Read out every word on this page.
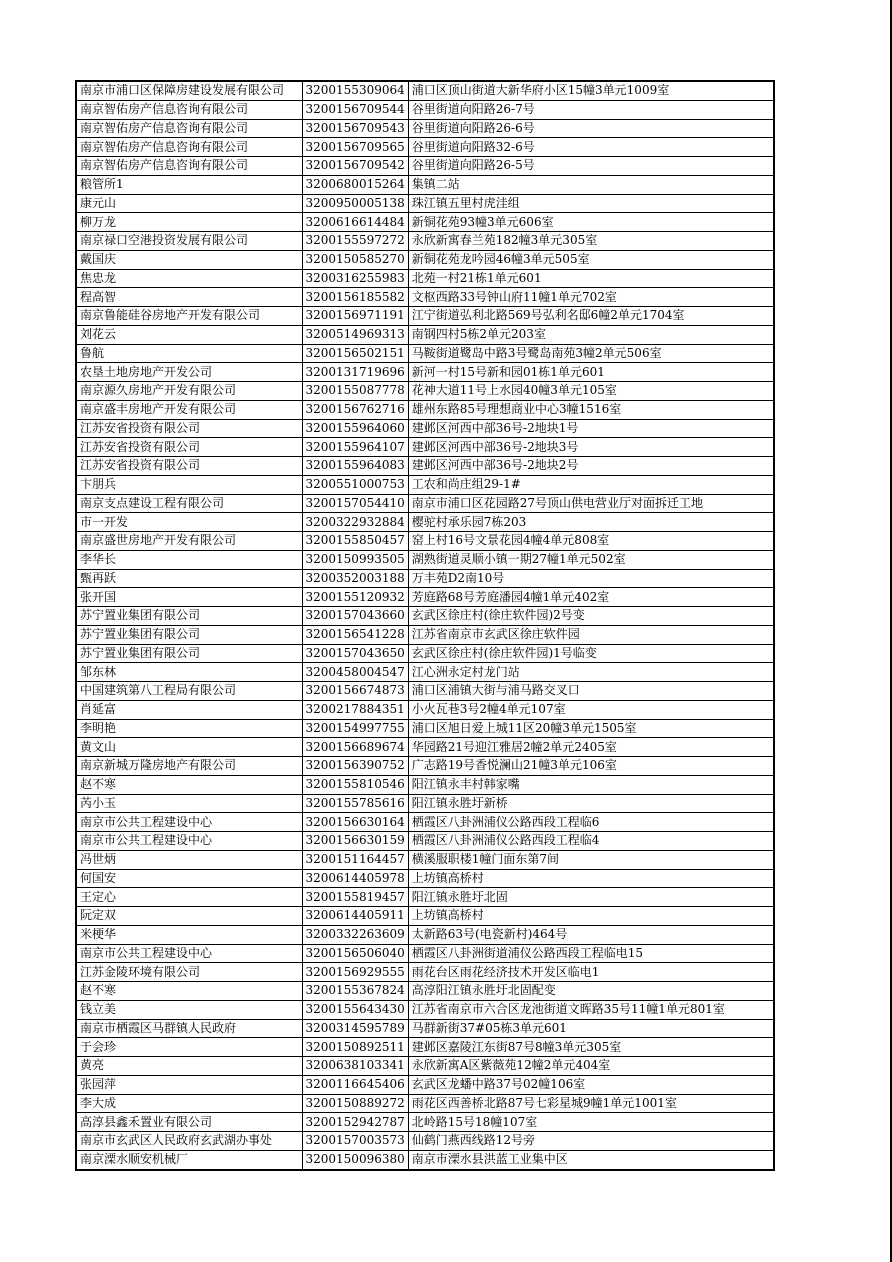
南京市浦口区保障房建设发展有限公司	3200155309064	浦口区顶山街道大新华府小区15幢3单元1009室
南京智佑房产信息咨询有限公司	3200156709544	谷里街道向阳路26-7号
南京智佑房产信息咨询有限公司	3200156709543	谷里街道向阳路26-6号
南京智佑房产信息咨询有限公司	3200156709565	谷里街道向阳路32-6号
南京智佑房产信息咨询有限公司	3200156709542	谷里街道向阳路26-5号
粮管所1	3200680015264	集镇二站
康元山	3200950005138	珠江镇五里村虎洼组
柳万龙	3200616614484	新铜花苑93幢3单元606室
南京禄口空港投资发展有限公司	3200155597272	永欣新寓春兰苑182幢3单元305室
戴国庆	3200150585270	新铜花苑龙吟园46幢3单元505室
焦忠龙	3200316255983	北苑一村21栋1单元601
程高智	3200156185582	文枢西路33号钟山府11幢1单元702室
南京鲁能硅谷房地产开发有限公司	3200156971191	江宁街道弘利北路569号弘利名邸6幢2单元1704室
刘花云	3200514969313	南钢四村5栋2单元203室
鲁航	3200156502151	马鞍街道鹭岛中路3号鹭岛南苑3幢2单元506室
农垦土地房地产开发公司	3200131719696	新河一村15号新和园01栋1单元601
南京源久房地产开发有限公司	3200155087778	花神大道11号上水园40幢3单元105室
南京盛丰房地产开发有限公司	3200156762716	雄州东路85号理想商业中心3幢1516室
江苏安省投资有限公司	3200155964060	建邺区河西中部36号-2地块1号
江苏安省投资有限公司	3200155964107	建邺区河西中部36号-2地块3号
江苏安省投资有限公司	3200155964083	建邺区河西中部36号-2地块2号
卞朋兵	3200551000753	工农和尚庄组29-1#
南京支点建设工程有限公司	3200157054410	南京市浦口区花园路27号顶山供电营业厅对面拆迁工地
市一开发	3200322932884	樱驼村承乐园7栋203
南京盛世房地产开发有限公司	3200155850457	窑上村16号文景花园4幢4单元808室
李华长	3200150993505	湖熟街道灵顺小镇一期27幢1单元502室
甄再跃	3200352003188	万丰苑D2南10号
张开国	3200155120932	芳庭路68号芳庭潘园4幢1单元402室
苏宁置业集团有限公司	3200157043660	玄武区徐庄村(徐庄软件园)2号变
苏宁置业集团有限公司	3200156541228	江苏省南京市玄武区徐庄软件园
苏宁置业集团有限公司	3200157043650	玄武区徐庄村(徐庄软件园)1号临变
邹东林	3200458004547	江心洲永定村龙门站
中国建筑第八工程局有限公司	3200156674873	浦口区浦镇大街与浦马路交叉口
肖延富	3200217884351	小火瓦巷3号2幢4单元107室
李明艳	3200154997755	浦口区旭日爱上城11区20幢3单元1505室
黄文山	3200156689674	华园路21号迎江雅居2幢2单元2405室
南京新城万隆房地产有限公司	3200156390752	广志路19号香悦澜山21幢3单元106室
赵不寒	3200155810546	阳江镇永丰村韩家嘴
芮小玉	3200155785616	阳江镇永胜圩新桥
南京市公共工程建设中心	3200156630164	栖霞区八卦洲浦仪公路西段工程临6
南京市公共工程建设中心	3200156630159	栖霞区八卦洲浦仪公路西段工程临4
冯世炳	3200151164457	横溪服职楼1幢门面东第7间
何国安	3200614405978	上坊镇高桥村
王定心	3200155819457	阳江镇永胜圩北固
阮定双	3200614405911	上坊镇高桥村
米梗华	3200332263609	太新路63号(电瓷新村)464号
南京市公共工程建设中心	3200156506040	栖霞区八卦洲街道浦仪公路西段工程临电15
江苏金陵环境有限公司	3200156929555	雨花台区雨花经济技术开发区临电1
赵不寒	3200155367824	高淳阳江镇永胜圩北固配变
钱立美	3200155643430	江苏省南京市六合区龙池街道文晖路35号11幢1单元801室
南京市栖霞区马群镇人民政府	3200314595789	马群新街37#05栋3单元601
于会珍	3200150892511	建邺区嘉陵江东街87号8幢3单元305室
黄亮	3200638103341	永欣新寓A区紫薇苑12幢2单元404室
张园萍	3200116645406	玄武区龙蟠中路37号02幢106室
李大成	3200150889272	雨花区西善桥北路87号七彩星城9幢1单元1001室
高淳县鑫禾置业有限公司	3200152942787	北岭路15号18幢107室
南京市玄武区人民政府玄武湖办事处	3200157003573	仙鹤门燕西线路12号旁
南京溧水顺安机械厂	3200150096380	南京市溧水县洪蓝工业集中区
